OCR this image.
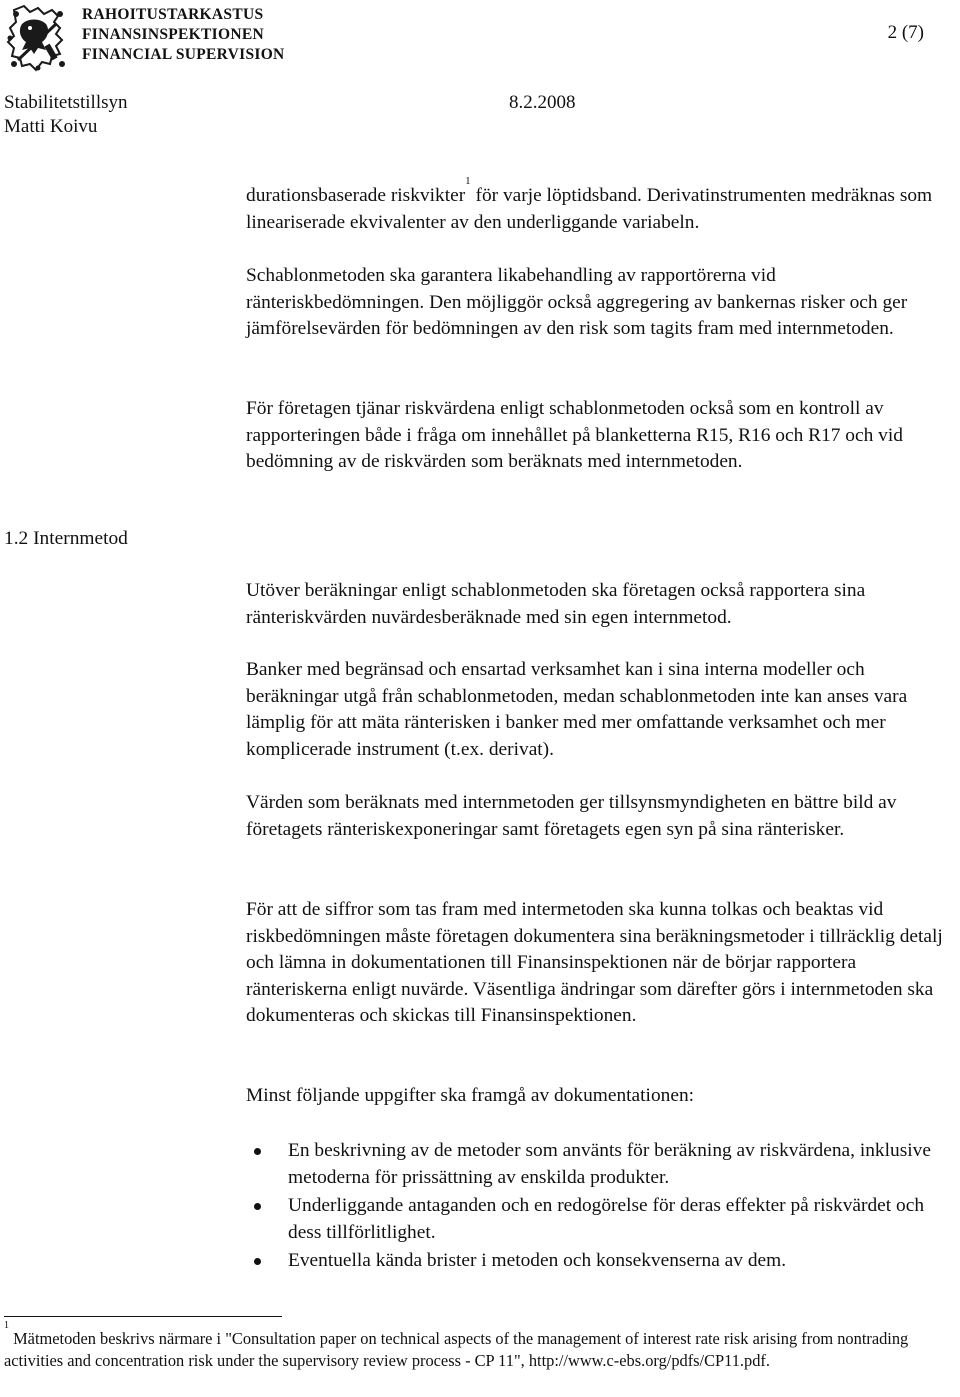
RAHOITUSTARKASTUS
FINANSINSPEKTIONEN
FINANCIAL SUPERVISION
2 (7)
Stabilitetstillsyn	8.2.2008
Matti Koivu

durationsbaserade riskvikter$^1$ för varje löptidsband. Derivatinstrumenten medräknas som lineariserade ekvivalenter av den underliggande variabeln.

Schablonmetoden ska garantera likabehandling av rapportörerna vid ränteriskbedömningen. Den möjliggör också aggregering av bankernas risker och ger jämförelsevärden för bedömningen av den risk som tagits fram med internmetoden.
För företagen tjänar riskvärdena enligt schablonmetoden också som en kontroll av rapporteringen både i fråga om innehållet på blanketterna R15, R16 och R17 och vid bedömning av de riskvärden som beräknats med internmetoden.
1.2 Internmetod
Utöver beräkningar enligt schablonmetoden ska företagen också rapportera sina ränteriskvärden nuvärdesberäknade med sin egen internmetod.
Banker med begränsad och ensartad verksamhet kan i sina interna modeller och beräkningar utgå från schablonmetoden, medan schablonmetoden inte kan anses vara lämplig för att mäta ränterisken i banker med mer omfattande verksamhet och mer komplicerade instrument (t.ex. derivat).
Värden som beräknats med internmetoden ger tillsynsmyndigheten en bättre bild av företagets ränteriskexponeringar samt företagets egen syn på sina ränterisker.
För att de siffror som tas fram med intermetoden ska kunna tolkas och beaktas vid riskbedömningen måste företagen dokumentera sina beräkningsmetoder i tillräcklig detalj och lämna in dokumentationen till Finansinspektionen när de börjar rapportera ränteriskerna enligt nuvärde. Väsentliga ändringar som därefter görs i internmetoden ska dokumenteras och skickas till Finansinspektionen.
Minst följande uppgifter ska framgå av dokumentationen:
En beskrivning av de metoder som använts för beräkning av riskvärdena, inklusive metoderna för prissättning av enskilda produkter.
Underliggande antaganden och en redogörelse för deras effekter på riskvärdet och dess tillförlitlighet.
Eventuella kända brister i metoden och konsekvenserna av dem.
$^1$ Mätmetoden beskrivs närmare i "Consultation paper on technical aspects of the management of interest rate risk arising from nontrading activities and concentration risk under the supervisory review process - CP 11", http://www.c-ebs.org/pdfs/CP11.pdf.
